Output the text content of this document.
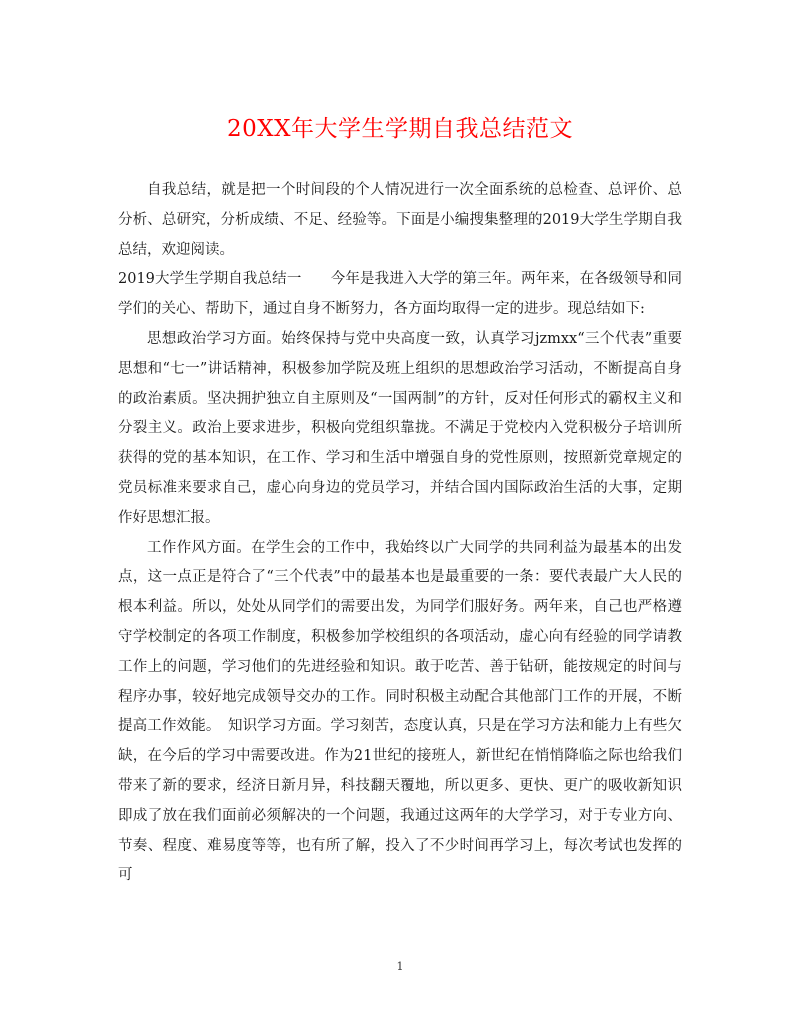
20XX年大学生学期自我总结范文

自我总结，就是把一个时间段的个人情况进行一次全面系统的总检查、总评价、总分析、总研究，分析成绩、不足、经验等。下面是小编搜集整理的2019大学生学期自我总结，欢迎阅读。

2019大学生学期自我总结一　　今年是我进入大学的第三年。两年来，在各级领导和同学们的关心、帮助下，通过自身不断努力，各方面均取得一定的进步。现总结如下:

思想政治学习方面。始终保持与党中央高度一致，认真学习jzmxx“三个代表”重要思想和“七一”讲话精神，积极参加学院及班上组织的思想政治学习活动，不断提高自身的政治素质。坚决拥护独立自主原则及“一国两制”的方针，反对任何形式的霸权主义和分裂主义。政治上要求进步，积极向党组织靠拢。不满足于党校内入党积极分子培训所获得的党的基本知识，在工作、学习和生活中增强自身的党性原则，按照新党章规定的党员标准来要求自己，虚心向身边的党员学习，并结合国内国际政治生活的大事，定期作好思想汇报。

工作作风方面。在学生会的工作中，我始终以广大同学的共同利益为最基本的出发点，这一点正是符合了“三个代表”中的最基本也是最重要的一条：要代表最广大人民的根本利益。所以，处处从同学们的需要出发，为同学们服好务。两年来，自己也严格遵守学校制定的各项工作制度，积极参加学校组织的各项活动，虚心向有经验的同学请教工作上的问题，学习他们的先进经验和知识。敢于吃苦、善于钻研，能按规定的时间与程序办事，较好地完成领导交办的工作。同时积极主动配合其他部门工作的开展，不断提高工作效能。　知识学习方面。学习刻苦，态度认真，只是在学习方法和能力上有些欠缺，在今后的学习中需要改进。作为21世纪的接班人，新世纪在悄悄降临之际也给我们带来了新的要求，经济日新月异，科技翻天覆地，所以更多、更快、更广的吸收新知识即成了放在我们面前必须解决的一个问题，我通过这两年的大学学习，对于专业方向、节奏、程度、难易度等等，也有所了解，投入了不少时间再学习上，每次考试也发挥的可

1
